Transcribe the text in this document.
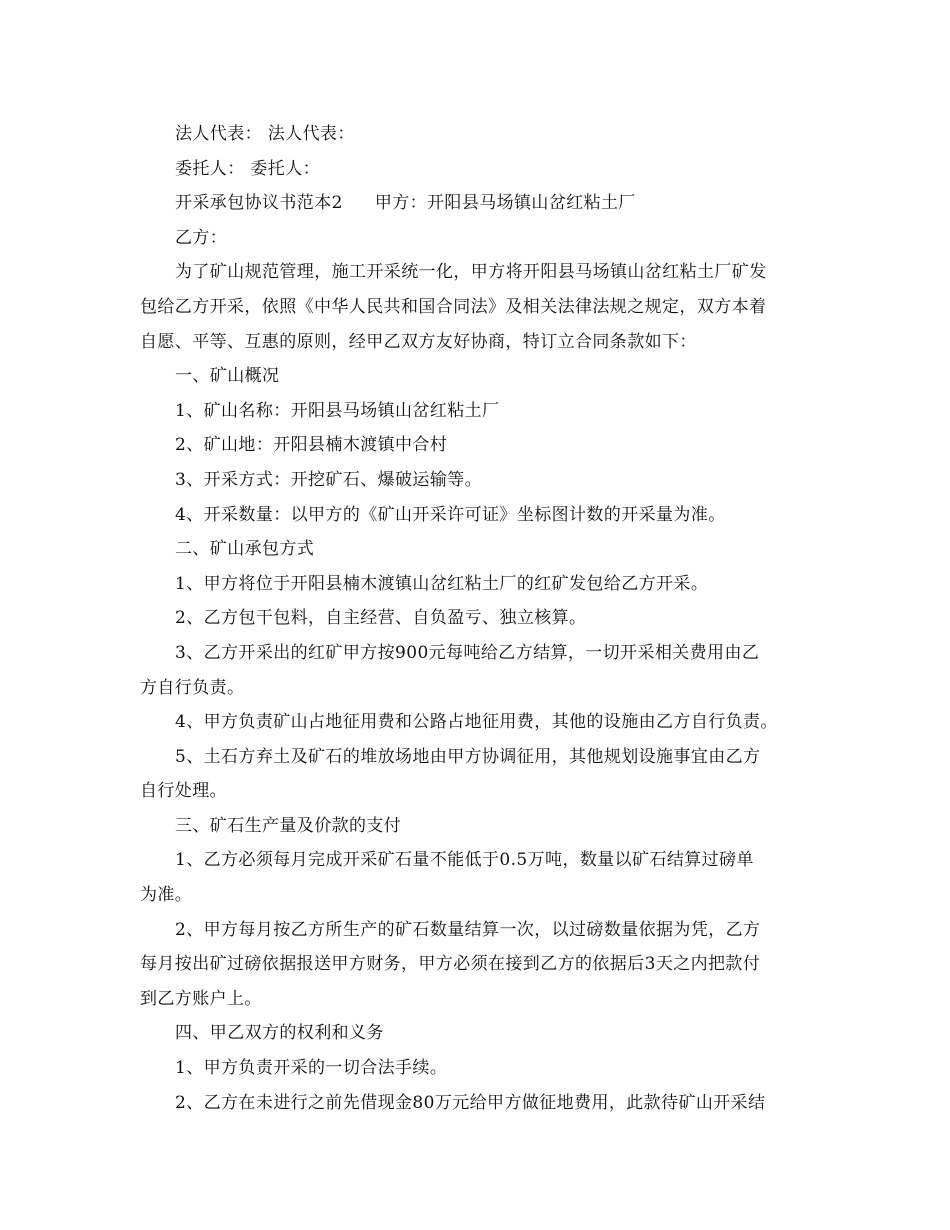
法人代表： 法人代表：
委托人： 委托人：
开采承包协议书范本2 甲方：开阳县马场镇山岔红粘土厂
乙方：
为了矿山规范管理，施工开采统一化，甲方将开阳县马场镇山岔红粘土厂矿发
包给乙方开采，依照《中华人民共和国合同法》及相关法律法规之规定，双方本着
自愿、平等、互惠的原则，经甲乙双方友好协商，特订立合同条款如下：
一、矿山概况
1、矿山名称：开阳县马场镇山岔红粘土厂
2、矿山地：开阳县楠木渡镇中合村
3、开采方式：开挖矿石、爆破运输等。
4、开采数量：以甲方的《矿山开采许可证》坐标图计数的开采量为准。
二、矿山承包方式
1、甲方将位于开阳县楠木渡镇山岔红粘土厂的红矿发包给乙方开采。
2、乙方包干包料，自主经营、自负盈亏、独立核算。
3、乙方开采出的红矿甲方按900元每吨给乙方结算，一切开采相关费用由乙
方自行负责。
4、甲方负责矿山占地征用费和公路占地征用费，其他的设施由乙方自行负责。
5、土石方弃土及矿石的堆放场地由甲方协调征用，其他规划设施事宜由乙方
自行处理。
三、矿石生产量及价款的支付
1、乙方必须每月完成开采矿石量不能低于0.5万吨，数量以矿石结算过磅单
为准。
2、甲方每月按乙方所生产的矿石数量结算一次，以过磅数量依据为凭，乙方
每月按出矿过磅依据报送甲方财务，甲方必须在接到乙方的依据后3天之内把款付
到乙方账户上。
四、甲乙双方的权利和义务
1、甲方负责开采的一切合法手续。
2、乙方在未进行之前先借现金80万元给甲方做征地费用，此款待矿山开采结
